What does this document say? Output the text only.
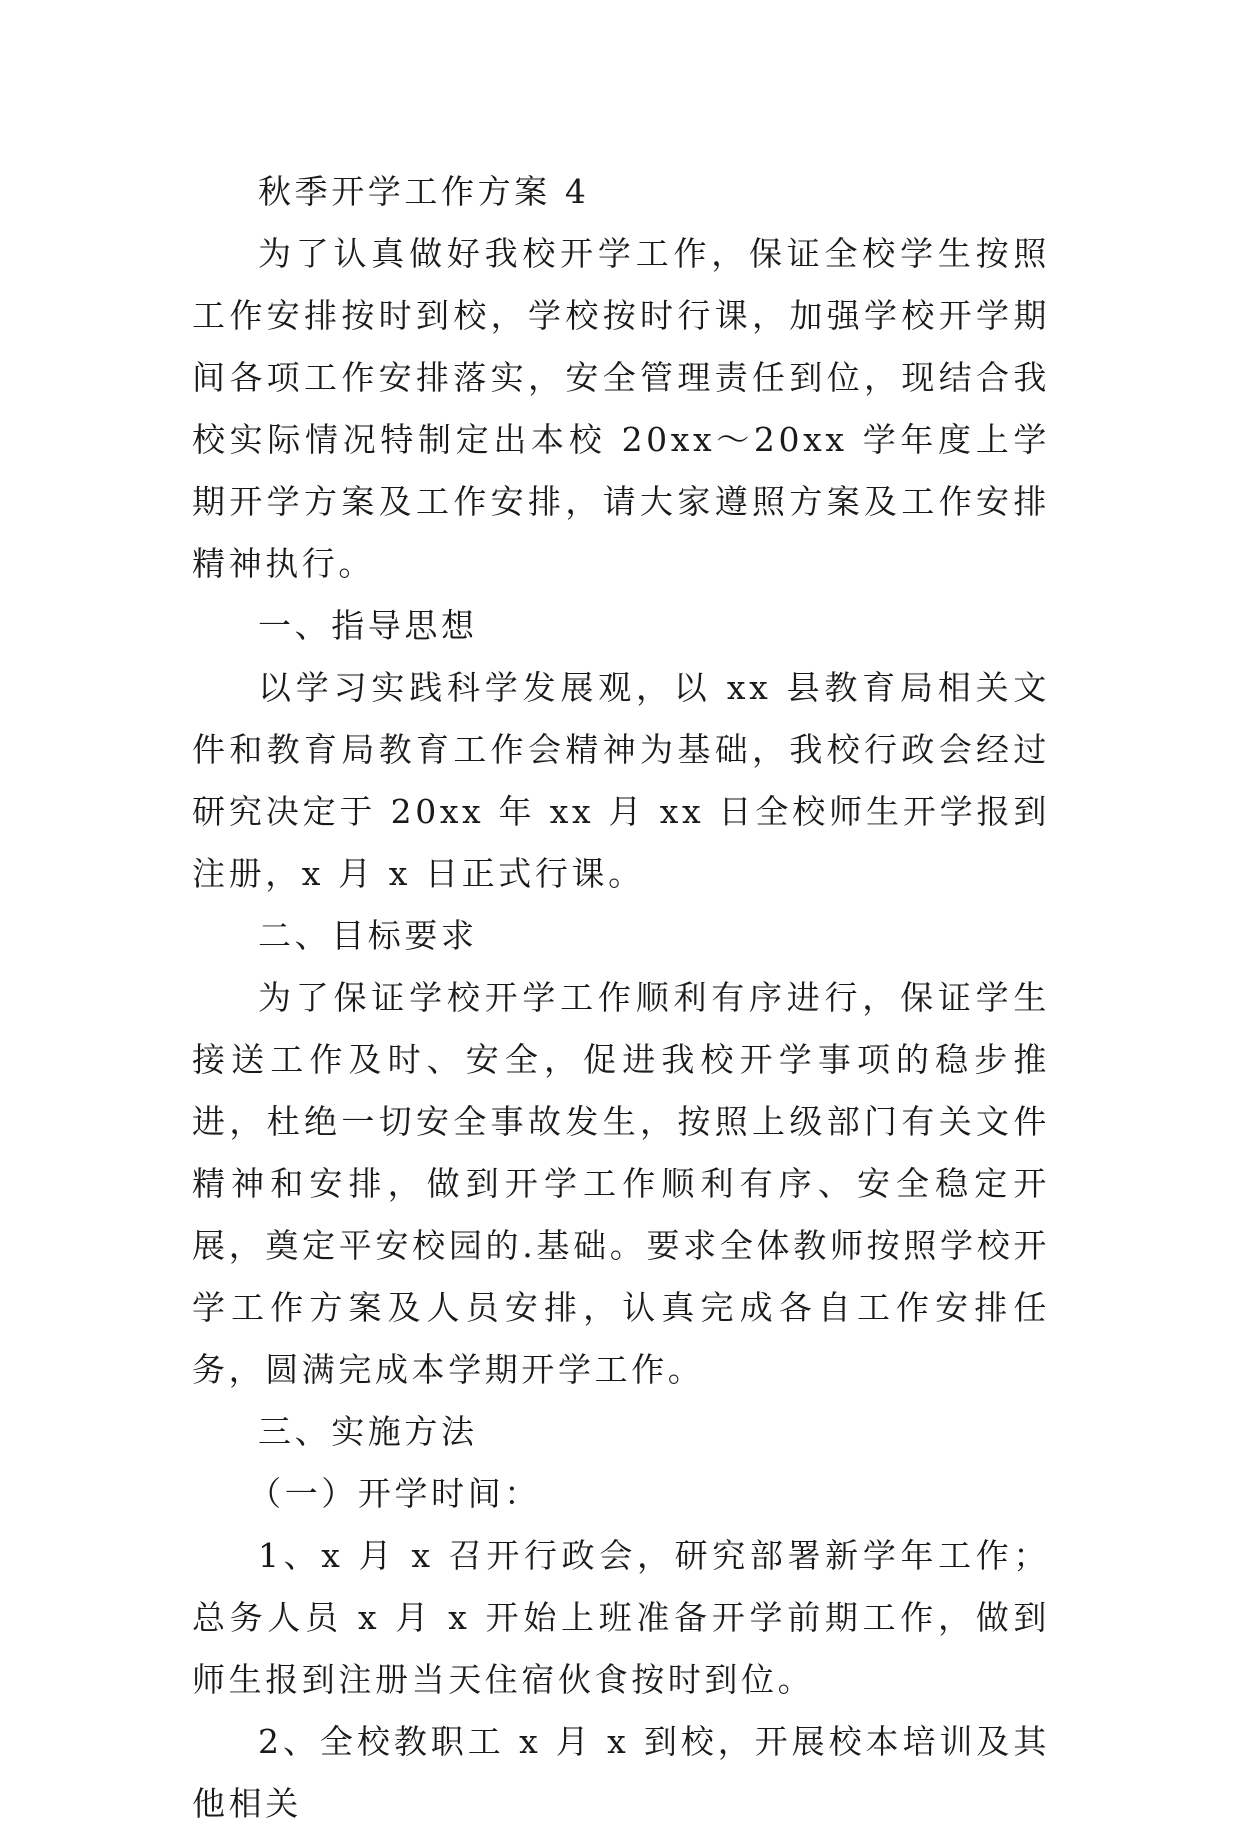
秋季开学工作方案 4

为了认真做好我校开学工作，保证全校学生按照工作安排按时到校，学校按时行课，加强学校开学期间各项工作安排落实，安全管理责任到位，现结合我校实际情况特制定出本校 20xx～20xx 学年度上学期开学方案及工作安排，请大家遵照方案及工作安排精神执行。

一、指导思想

以学习实践科学发展观，以 xx 县教育局相关文件和教育局教育工作会精神为基础，我校行政会经过研究决定于 20xx 年 xx 月 xx 日全校师生开学报到注册，x 月 x 日正式行课。

二、目标要求

为了保证学校开学工作顺利有序进行，保证学生接送工作及时、安全，促进我校开学事项的稳步推进，杜绝一切安全事故发生，按照上级部门有关文件精神和安排，做到开学工作顺利有序、安全稳定开展，奠定平安校园的.基础。要求全体教师按照学校开学工作方案及人员安排，认真完成各自工作安排任务，圆满完成本学期开学工作。

三、实施方法

（一）开学时间：

1、x 月 x 召开行政会，研究部署新学年工作；总务人员 x 月 x 开始上班准备开学前期工作，做到师生报到注册当天住宿伙食按时到位。

2、全校教职工 x 月 x 到校，开展校本培训及其他相关
